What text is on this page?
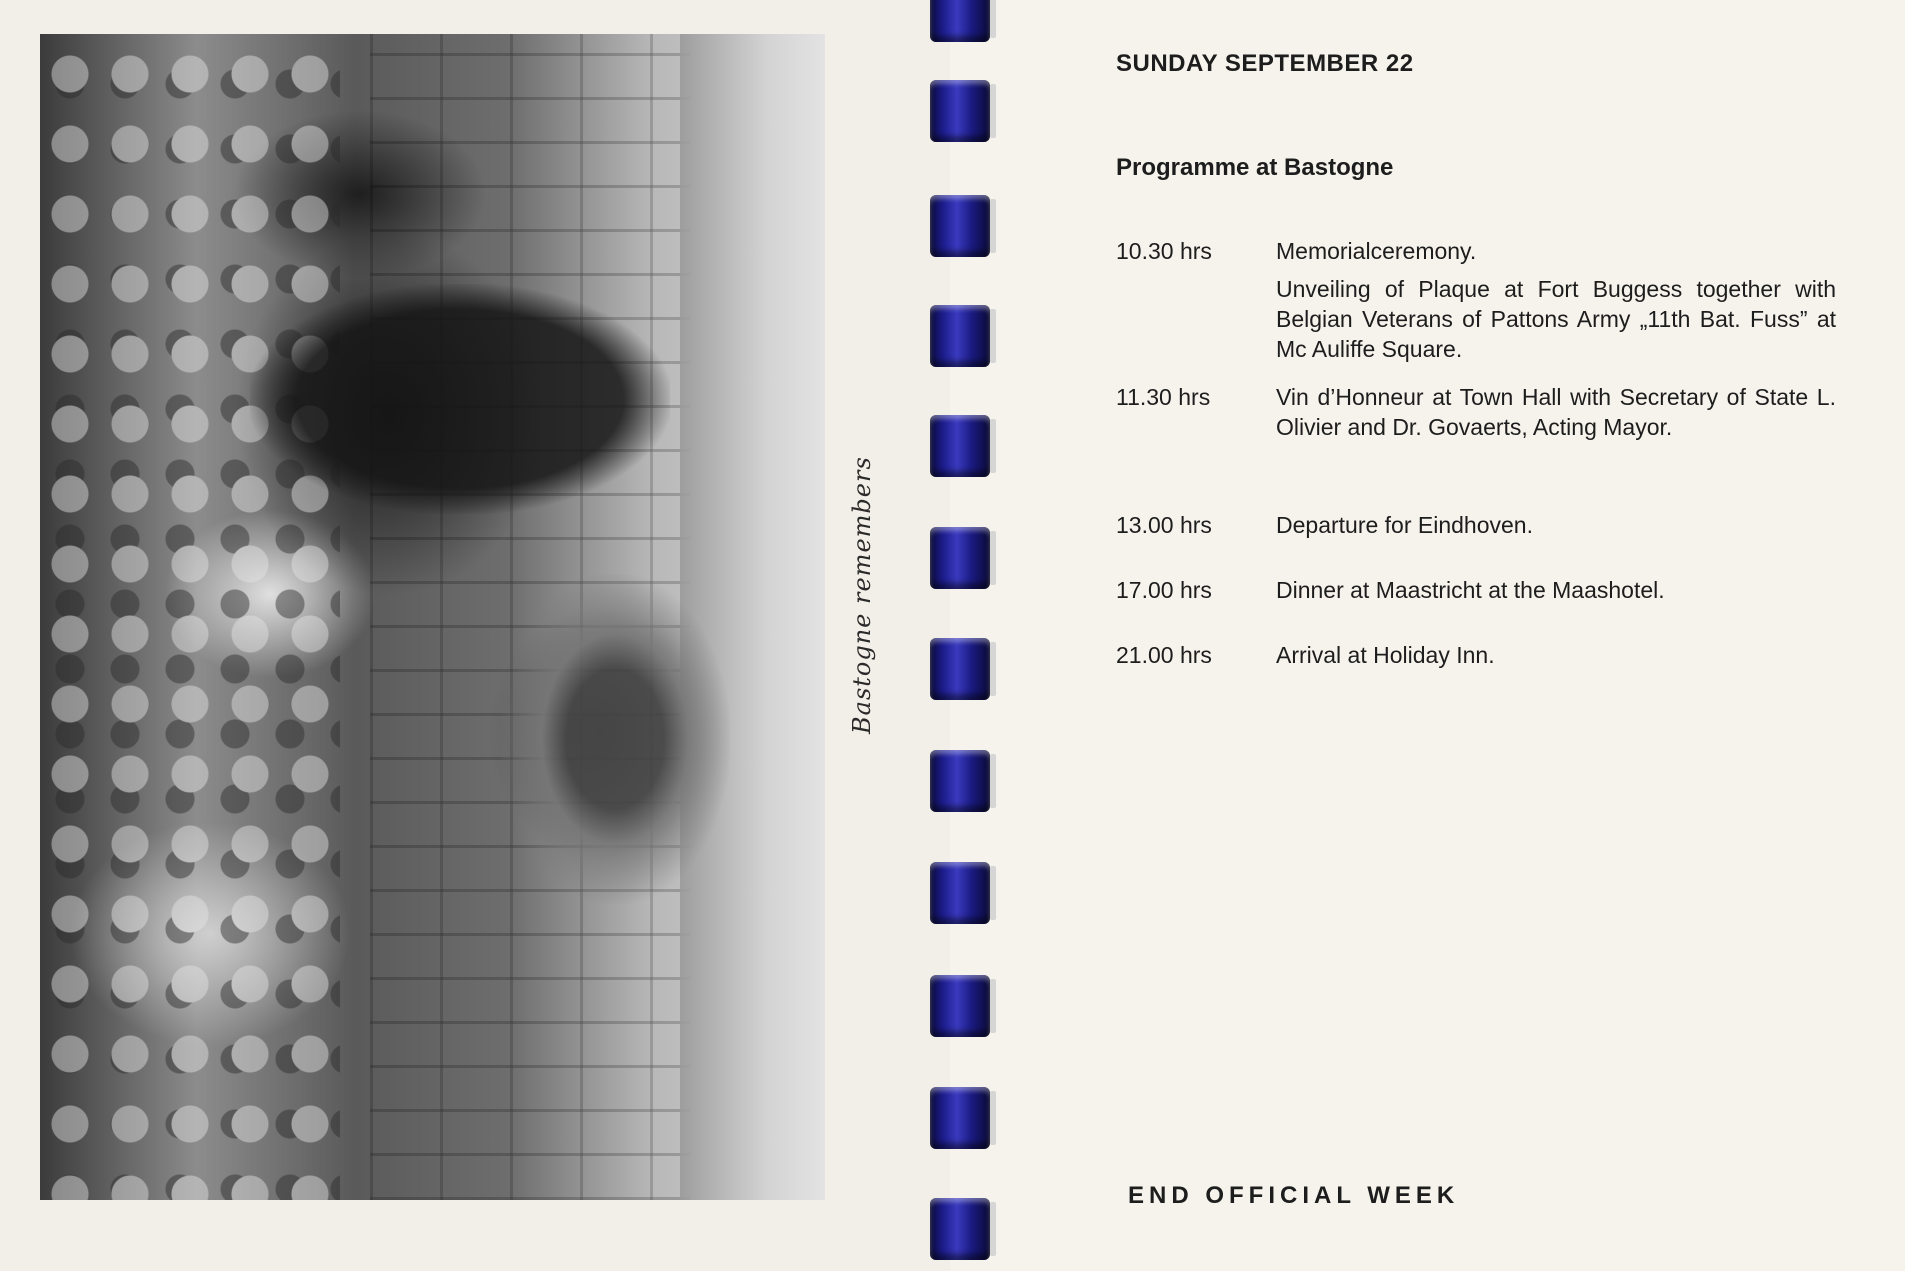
Bastogne remembers
SUNDAY SEPTEMBER 22
Programme at Bastogne
10.30 hrs	Memorialceremony.
Unveiling of Plaque at Fort Buggess together with Belgian Veterans of Pattons Army „11th Bat. Fuss” at Mc Auliffe Square.
11.30 hrs	Vin d’Honneur at Town Hall with Secretary of State L. Olivier and Dr. Govaerts, Acting Mayor.
13.00 hrs	Departure for Eindhoven.
17.00 hrs	Dinner at Maastricht at the Maashotel.
21.00 hrs	Arrival at Holiday Inn.
END OFFICIAL WEEK
